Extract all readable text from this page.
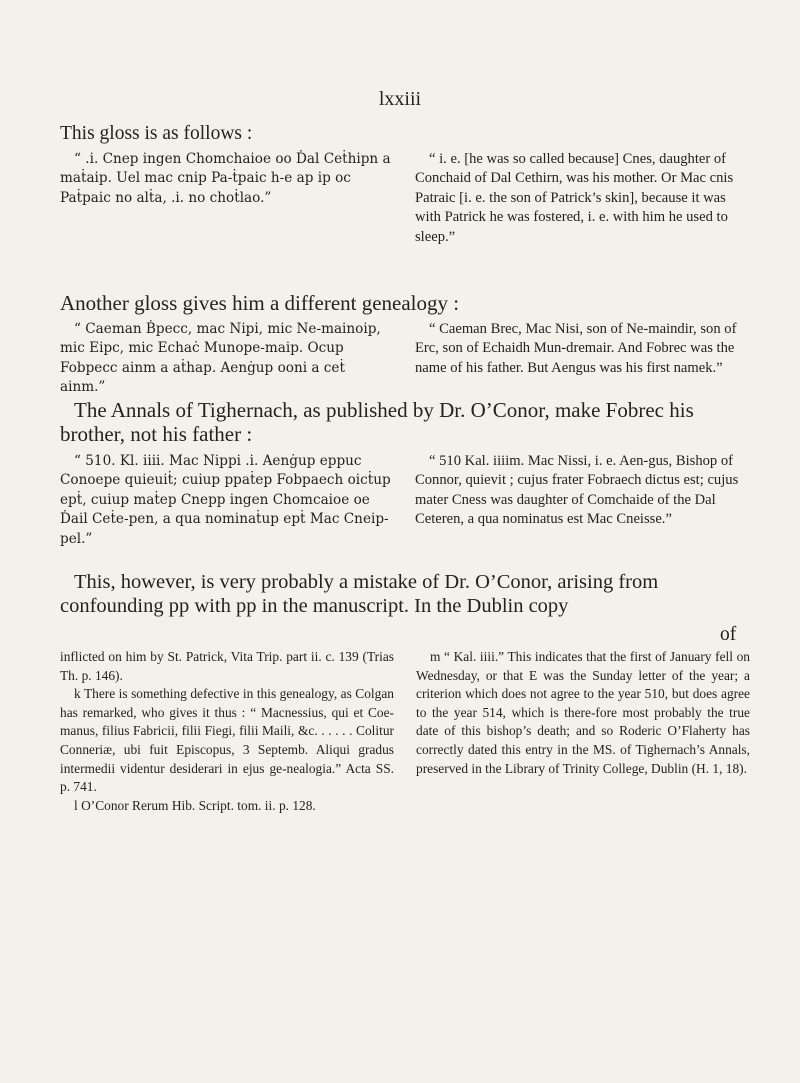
lxxiii
This gloss is as follows :
“ .i. Cnep ingen Chomchaioe oo Ḋal Ceṫhipn a maṫaip. Uel mac cnip Pa-ṫpaic h-e ap ip oc Paṫpaic no alṫa, .i. no choṫlao.”
“ i. e. [he was so called because] Cnes, daughter of Conchaid of Dal Cethirn, was his mother. Or Mac cnis Patraic [i. e. the son of Patrick’s skin], because it was with Patrick he was fostered, i. e. with him he used to sleep.”
Another gloss gives him a different genealogy :
“ Caeman Ḃpecc, mac Nipi, mic Ne-mainoip, mic Eipc, mic Echaċ Munope-maip. Ocup Fobpecc ainm a aṫhap. Aenġup ooni a ceṫ ainm.”
“ Caeman Brec, Mac Nisi, son of Ne-maindir, son of Erc, son of Echaidh Mun-dremair. And Fobrec was the name of his father. But Aengus was his first namek.”
The Annals of Tighernach, as published by Dr. O’Conor, make Fobrec his brother, not his father :
“ 510. Kl. iiii. Mac Nippi .i. Aenġup eppuc Conoepe quieuiṫ; cuiup ppaṫep Fobpaech oicṫup epṫ, cuiup maṫep Cnepp ingen Chomcaioe oe Ḋail Ceṫe-pen, a qua nominaṫup epṫ Mac Cneip-pel.”
“ 510 Kal. iiiim. Mac Nissi, i. e. Aen-gus, Bishop of Connor, quievit ; cujus frater Fobraech dictus est; cujus mater Cness was daughter of Comchaide of the Dal Ceteren, a qua nominatus est Mac Cneisse.”
This, however, is very probably a mistake of Dr. O’Conor, arising from confounding pp with pp in the manuscript. In the Dublin copy
of

inflicted on him by St. Patrick, Vita Trip. part ii. c. 139 (Trias Th. p. 146).

k There is something defective in this genealogy, as Colgan has remarked, who gives it thus : “ Macnessius, qui et Coe-manus, filius Fabricii, filii Fiegi, filii Maili, &c. . . . . . Colitur Conneriæ, ubi fuit Episcopus, 3 Septemb. Aliqui gradus intermedii videntur desiderari in ejus ge-nealogia.” Acta SS. p. 741.

l O’Conor Rerum Hib. Script. tom. ii. p. 128.

m “ Kal. iiii.” This indicates that the first of January fell on Wednesday, or that E was the Sunday letter of the year; a criterion which does not agree to the year 510, but does agree to the year 514, which is there-fore most probably the true date of this bishop’s death; and so Roderic O’Flaherty has correctly dated this entry in the MS. of Tighernach’s Annals, preserved in the Library of Trinity College, Dublin (H. 1, 18).
